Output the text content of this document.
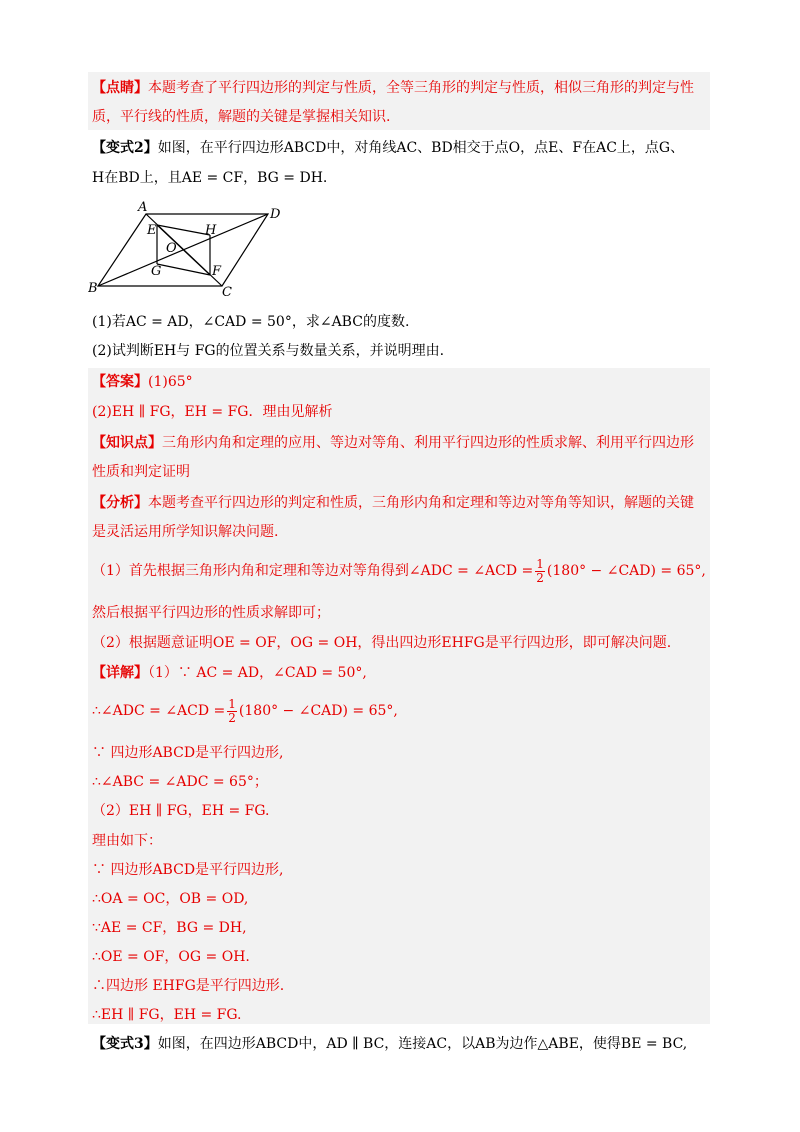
【点睛】本题考查了平行四边形的判定与性质，全等三角形的判定与性质，相似三角形的判定与性
质，平行线的性质，解题的关键是掌握相关知识.
【变式2】如图，在平行四边形ABCD中，对角线AC、BD相交于点O，点E、F在AC上，点G、
H在BD上，且AE = CF，BG = DH.
A	D
B	C
E	H
O
G	F
(1)若AC = AD，∠CAD = 50°，求∠ABC的度数.
(2)试判断EH与 FG的位置关系与数量关系，并说明理由.
【答案】(1)65°
(2)EH ∥ FG，EH = FG．理由见解析
【知识点】三角形内角和定理的应用、等边对等角、利用平行四边形的性质求解、利用平行四边形
性质和判定证明
【分析】本题考查平行四边形的判定和性质，三角形内角和定理和等边对等角等知识，解题的关键
是灵活运用所学知识解决问题.
（1）首先根据三角形内角和定理和等边对等角得到∠ADC = ∠ACD = $\frac{1}{2} (180^\circ$ − ∠CAD) = 65°,
然后根据平行四边形的性质求解即可；
（2）根据题意证明OE = OF，OG = OH，得出四边形EHFG是平行四边形，即可解决问题.
【详解】（1）∵ AC = AD，∠CAD = 50°,
∴∠ADC = ∠ACD = $\frac{1}{2} (180^\circ$ − ∠CAD) = 65°,
∵ 四边形ABCD是平行四边形,
∴∠ABC = ∠ADC = 65°；
（2）EH ∥ FG，EH = FG.
理由如下：
∵ 四边形ABCD是平行四边形,
∴OA = OC，OB = OD,
∵AE = CF，BG = DH,
∴OE = OF，OG = OH.
∴四边形 EHFG是平行四边形.
∴EH ∥ FG，EH = FG.
【变式3】如图，在四边形ABCD中，AD ∥ BC，连接AC，以AB为边作△ABE，使得BE = BC,
